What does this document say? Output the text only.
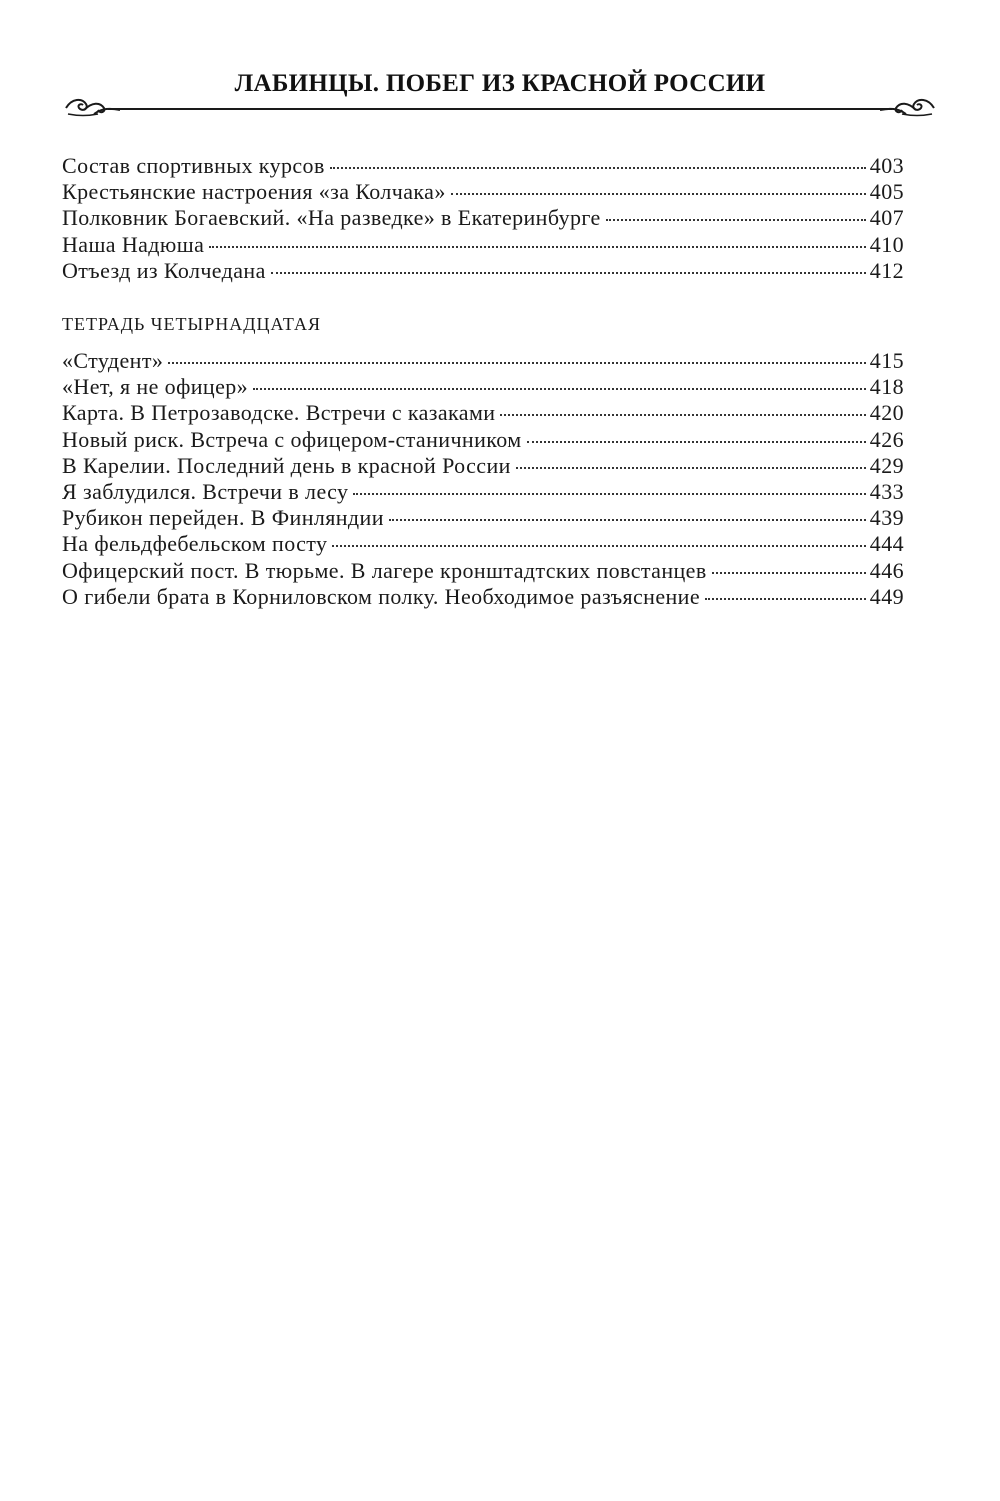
ЛАБИНЦЫ. ПОБЕГ ИЗ КРАСНОЙ РОССИИ
Состав спортивных курсов	403
Крестьянские настроения «за Колчака»	405
Полковник Богаевский. «На разведке» в Екатеринбурге	407
Наша Надюша	410
Отъезд из Колчедана	412
ТЕТРАДЬ ЧЕТЫРНАДЦАТАЯ
«Студент»	415
«Нет, я не офицер»	418
Карта. В Петрозаводске. Встречи с казаками	420
Новый риск. Встреча с офицером-станичником	426
В Карелии. Последний день в красной России	429
Я заблудился. Встречи в лесу	433
Рубикон перейден. В Финляндии	439
На фельдфебельском посту	444
Офицерский пост. В тюрьме. В лагере кронштадтских повстанцев	446
О гибели брата в Корниловском полку. Необходимое разъяснение	449
